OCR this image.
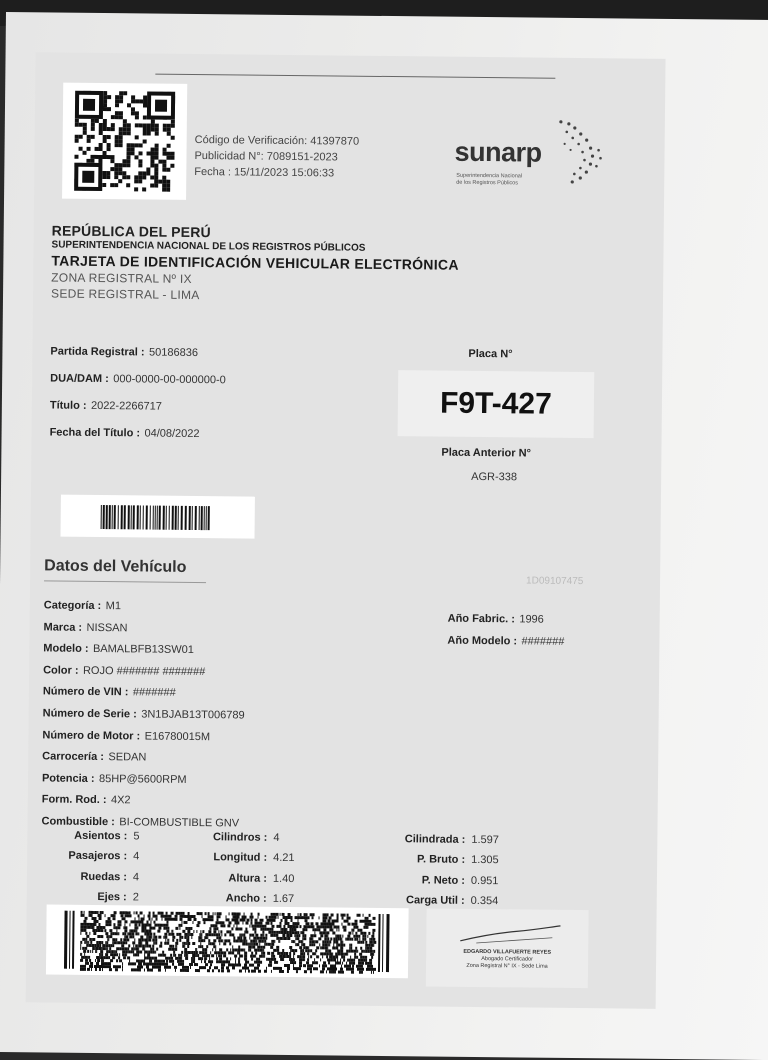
Código de Verificación: 41397870
Publicidad N°: 7089151-2023
Fecha : 15/11/2023 15:06:33
sunarp
Superintendencia Nacional
de los Registros Públicos
REPÚBLICA DEL PERÚ
SUPERINTENDENCIA NACIONAL DE LOS REGISTROS PÚBLICOS
TARJETA DE IDENTIFICACIÓN VEHICULAR ELECTRÓNICA
ZONA REGISTRAL Nº IX
SEDE REGISTRAL - LIMA
Partida Registral : 50186836
DUA/DAM : 000-0000-00-000000-0
Título : 2022-2266717
Fecha del Título : 04/08/2022
Placa N°
F9T-427
Placa Anterior N°
AGR-338
Datos del Vehículo
1D09107475
Categoría : M1
Marca : NISSAN
Modelo : BAMALBFB13SW01
Color : ROJO ####### #######
Número de VIN : #######
Número de Serie : 3N1BJAB13T006789
Número de Motor : E16780015M
Carrocería : SEDAN
Potencia : 85HP@5600RPM
Form. Rod. : 4X2
Combustible : BI-COMBUSTIBLE GNV
Año Fabric. : 1996
Año Modelo : #######
Asientos :
Pasajeros :
Ruedas :
Ejes :
5
4
4
2
Cilindros :
Longitud :
Altura :
Ancho :
4
4.21
1.40
1.67
Cilindrada :
P. Bruto :
P. Neto :
Carga Util :
1.597
1.305
0.951
0.354
EDGARDO VILLAFUERTE REYES
Abogado Certificador
Zona Registral N° IX - Sede Lima
